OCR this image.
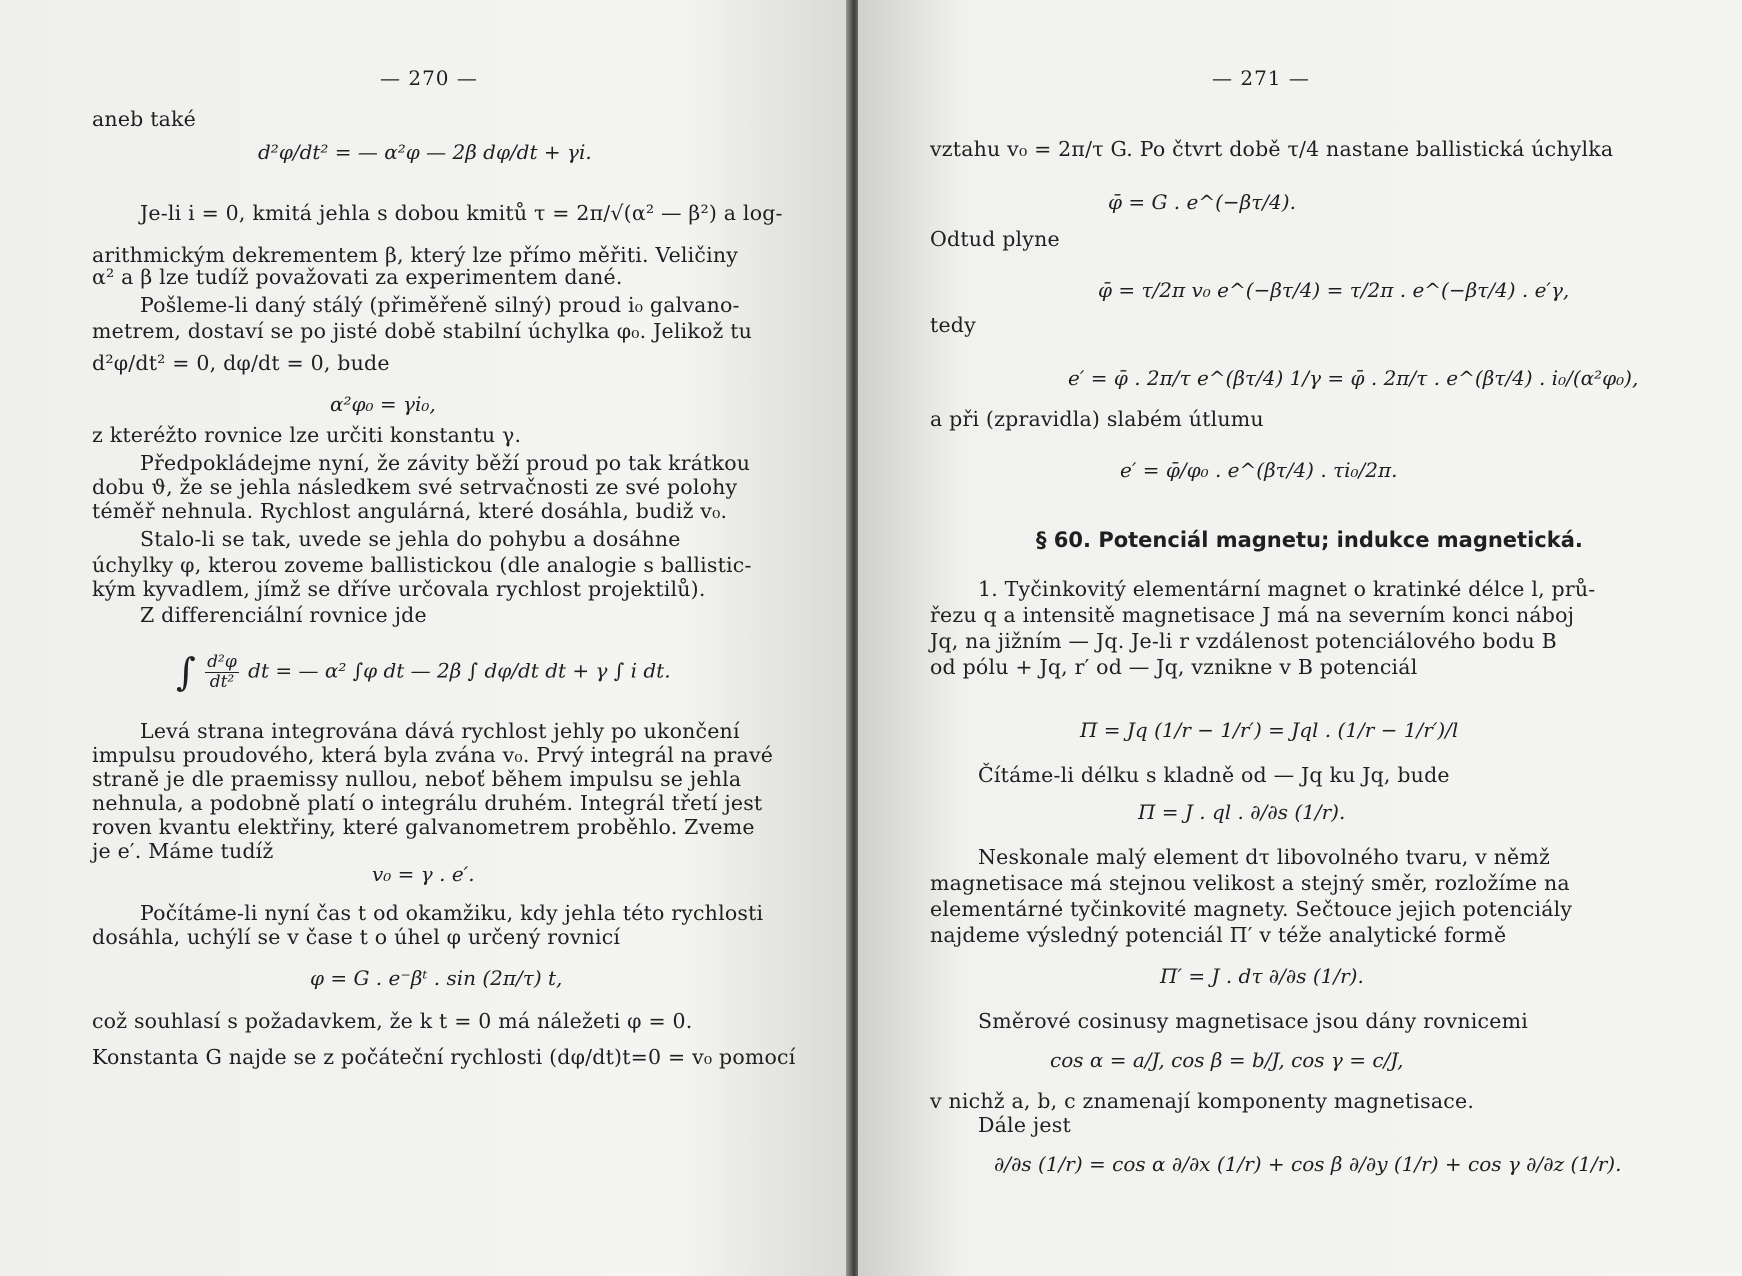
— 270 —
aneb také
d²φ/dt² = — α²φ — 2β dφ/dt + γi.
Je-li i = 0, kmitá jehla s dobou kmitů τ = 2π/√(α² — β²) a log-
arithmickým dekrementem β, který lze přímo měřiti. Veličiny
α² a β lze tudíž považovati za experimentem dané.
Pošleme-li daný stálý (přiměřeně silný) proud i₀ galvano-
metrem, dostaví se po jisté době stabilní úchylka φ₀. Jelikož tu
d²φ/dt² = 0, dφ/dt = 0, bude
α²φ₀ = γi₀,
z kteréžto rovnice lze určiti konstantu γ.
Předpokládejme nyní, že závity běží proud po tak krátkou
dobu ϑ, že se jehla následkem své setrvačnosti ze své polohy
téměř nehnula. Rychlost angulárná, které dosáhla, budiž v₀.
Stalo-li se tak, uvede se jehla do pohybu a dosáhne
úchylky φ, kterou zoveme ballistickou (dle analogie s ballistic-
kým kyvadlem, jímž se dříve určovala rychlost projektilů).
Z differenciální rovnice jde
∫ $\frac{\text{d²φ}}{\text{dt²}}$ dt = — α² ∫φ dt — 2β ∫ dφ/dt dt + γ ∫ i dt.
Levá strana integrována dává rychlost jehly po ukončení
impulsu proudového, která byla zvána v₀. Prvý integrál na pravé
straně je dle praemissy nullou, neboť během impulsu se jehla
nehnula, a podobně platí o integrálu druhém. Integrál třetí jest
roven kvantu elektřiny, které galvanometrem proběhlo. Zveme
je e′. Máme tudíž
v₀ = γ . e′.
Počítáme-li nyní čas t od okamžiku, kdy jehla této rychlosti
dosáhla, uchýlí se v čase t o úhel φ určený rovnicí
φ = G . e⁻βᵗ . sin (2π/τ) t,
což souhlasí s požadavkem, že k t = 0 má náležeti φ = 0.
Konstanta G najde se z počáteční rychlosti (dφ/dt)t=0 = v₀ pomocí
— 271 —
vztahu v₀ = 2π/τ G. Po čtvrt době τ/4 nastane ballistická úchylka
φ̄ = G . e^(−βτ/4).
Odtud plyne
φ̄ = τ/2π v₀ e^(−βτ/4) = τ/2π . e^(−βτ/4) . e′γ,
tedy
e′ = φ̄ . 2π/τ e^(βτ/4) 1/γ = φ̄ . 2π/τ . e^(βτ/4) . i₀/(α²φ₀),
a při (zpravidla) slabém útlumu
e′ = φ̄/φ₀ . e^(βτ/4) . τi₀/2π.
§ 60. Potenciál magnetu; indukce magnetická.
1. Tyčinkovitý elementární magnet o kratinké délce l, prů-
řezu q a intensitě magnetisace J má na severním konci náboj
Jq, na jižním — Jq. Je-li r vzdálenost potenciálového bodu B
od pólu + Jq, r′ od — Jq, vznikne v B potenciál
Π = Jq (1/r − 1/r′) = Jql . (1/r − 1/r′)/l
Čítáme-li délku s kladně od — Jq ku Jq, bude
Π = J . ql . ∂/∂s (1/r).
Neskonale malý element dτ libovolného tvaru, v němž
magnetisace má stejnou velikost a stejný směr, rozložíme na
elementárné tyčinkovité magnety. Sečtouce jejich potenciály
najdeme výsledný potenciál Π′ v téže analytické formě
Π′ = J . dτ ∂/∂s (1/r).
Směrové cosinusy magnetisace jsou dány rovnicemi
cos α = a/J, cos β = b/J, cos γ = c/J,
v nichž a, b, c znamenají komponenty magnetisace.
Dále jest
∂/∂s (1/r) = cos α ∂/∂x (1/r) + cos β ∂/∂y (1/r) + cos γ ∂/∂z (1/r).
